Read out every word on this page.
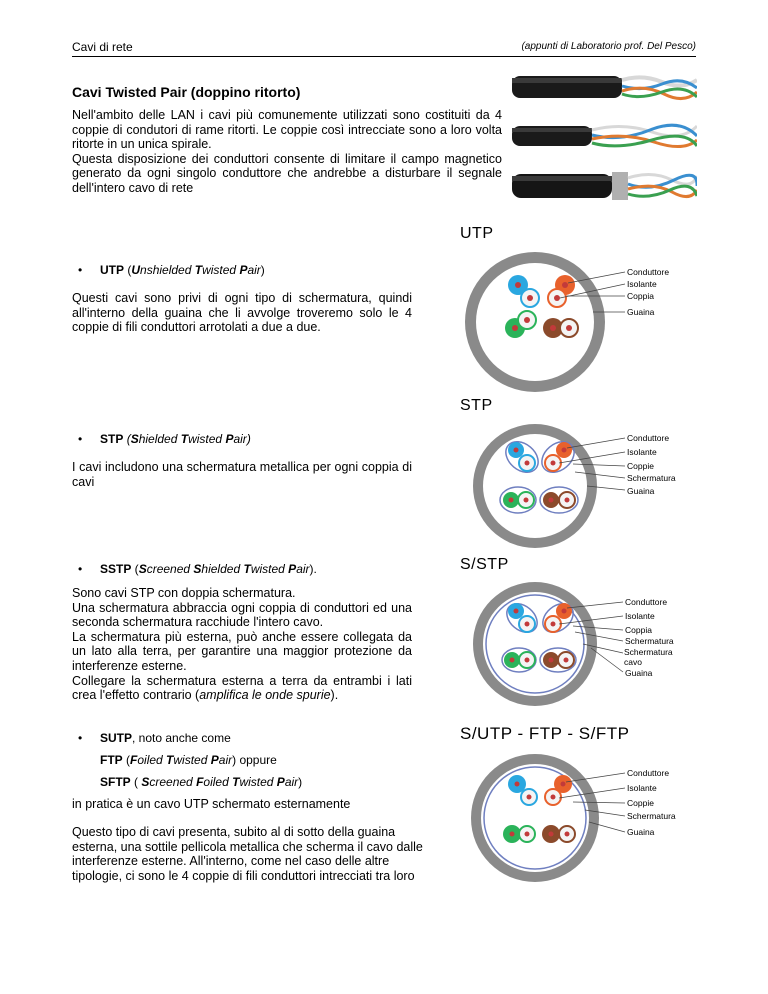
Cavi di rete	(appunti di Laboratorio prof. Del Pesco)
Cavi Twisted Pair (doppino ritorto)
Nell'ambito delle LAN i cavi più comunemente utilizzati sono costituiti da 4 coppie di condutori di rame ritorti. Le coppie così intrecciate sono a loro volta ritorte in un unica spirale.
Questa disposizione dei conduttori consente di limitare il campo magnetico generato da ogni singolo conduttore che andrebbe a disturbare il segnale dell'intero cavo di rete
• UTP (Unshielded Twisted Pair)
Questi cavi sono privi di ogni tipo di schermatura, quindi all'interno della guaina che li avvolge troveremo solo le 4 coppie di fili conduttori arrotolati a due a due.
UTP
Conduttore
Isolante
Coppia
Guaina
• STP (Shielded Twisted Pair)
I cavi includono una schermatura metallica per ogni coppia di cavi
STP
Conduttore
Isolante
Coppie
Schermatura
Guaina
• SSTP (Screened Shielded Twisted Pair).
Sono cavi STP con doppia schermatura.
Una schermatura abbraccia ogni coppia di conduttori ed una seconda schermatura racchiude l'intero cavo.
La schermatura più esterna, può anche essere collegata da un lato alla terra, per garantire una maggior protezione da interferenze esterne.
Collegare la schermatura esterna a terra da entrambi i lati crea l'effetto contrario (amplifica le onde spurie).
S/STP
Conduttore
Isolante
Coppia
Schermatura
Schermatura cavo
Guaina
• SUTP, noto anche come
FTP (Foiled Twisted Pair) oppure
SFTP ( Screened Foiled Twisted Pair)
in pratica è un cavo UTP schermato esternamente
Questo tipo di cavi presenta, subito al di sotto della guaina esterna, una sottile pellicola metallica che scherma il cavo dalle interferenze esterne. All'interno, come nel caso delle altre tipologie, ci sono le 4 coppie di fili conduttori intrecciati tra loro
S/UTP - FTP - S/FTP
Conduttore
Isolante
Coppie
Schermatura
Guaina
